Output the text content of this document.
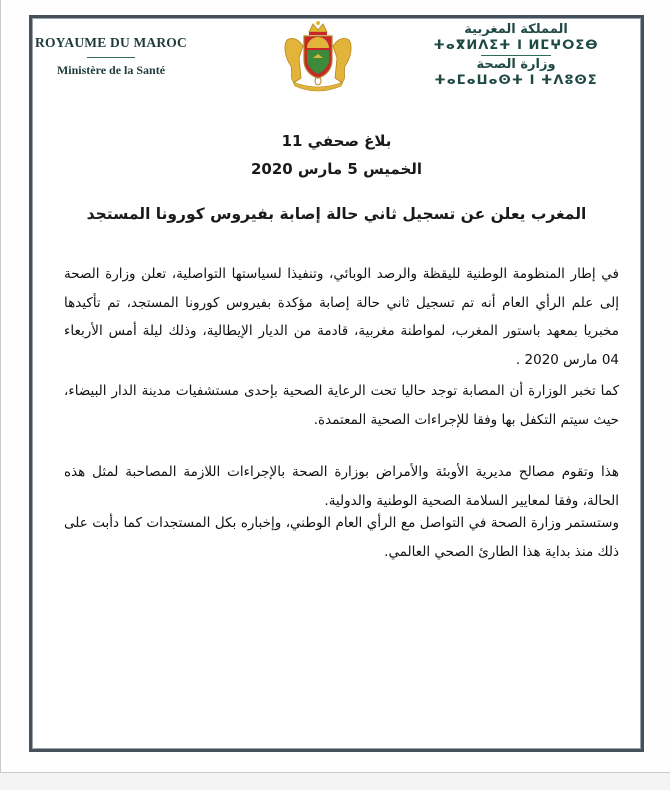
ROYAUME DU MAROC
Ministère de la Santé
المملكة المغربية
ⵜⴰⴳⵍⴷⵉⵜ ⵏ ⵍⵎⵖⵔⵉⴱ
وزارة الصحة
ⵜⴰⵎⴰⵡⴰⵙⵜ ⵏ ⵜⴷⵓⵙⵉ
بلاغ صحفي 11
الخميس 5 مارس 2020
المغرب يعلن عن تسجيل ثاني حالة إصابة بفيروس كورونا المستجد

في إطار المنظومة الوطنية لليقظة والرصد الوبائي، وتنفيذا لسياستها التواصلية، تعلن وزارة الصحة إلى علم الرأي العام أنه تم تسجيل ثاني حالة إصابة مؤكدة بفيروس كورونا المستجد، تم تأكيدها مخبريا بمعهد باستور المغرب، لمواطنة مغربية، قادمة من الديار الإيطالية، وذلك ليلة أمس الأربعاء 04 مارس 2020 .

كما تخبر الوزارة أن المصابة توجد حاليا تحت الرعاية الصحية بإحدى مستشفيات مدينة الدار البيضاء، حيث سيتم التكفل بها وفقا للإجراءات الصحية المعتمدة.

هذا وتقوم مصالح مديرية الأوبئة والأمراض بوزارة الصحة بالإجراءات اللازمة المصاحبة لمثل هذه الحالة، وفقا لمعايير السلامة الصحية الوطنية والدولية.

وستستمر وزارة الصحة في التواصل مع الرأي العام الوطني، وإخباره بكل المستجدات كما دأبت على ذلك منذ بداية هذا الطارئ الصحي العالمي.
